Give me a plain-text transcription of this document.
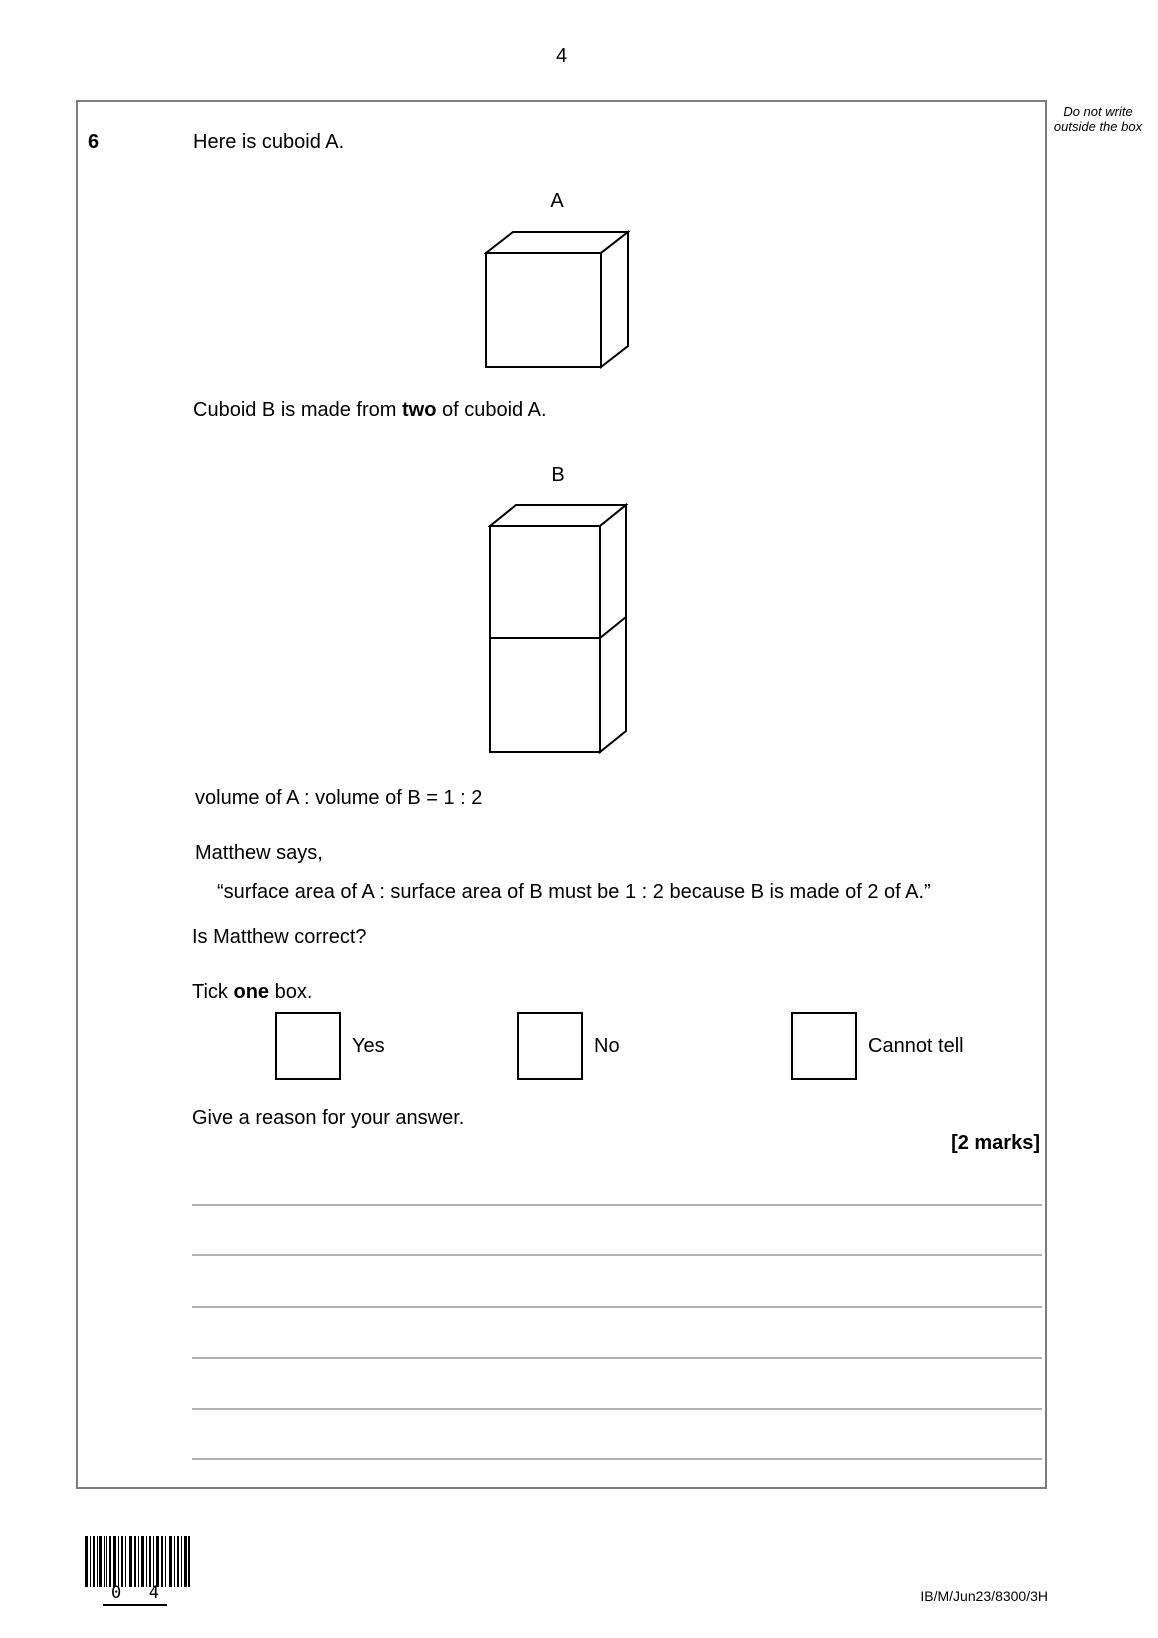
4
Do not write outside the box
6	Here is cuboid A.
A
Cuboid B is made from two of cuboid A.
B
volume of A : volume of B = 1 : 2
Matthew says,
“surface area of A : surface area of B must be 1 : 2 because B is made of 2 of A.”
Is Matthew correct?
Tick one box.
Yes	No	Cannot tell
Give a reason for your answer.
[2 marks]
0 4	IB/M/Jun23/8300/3H
